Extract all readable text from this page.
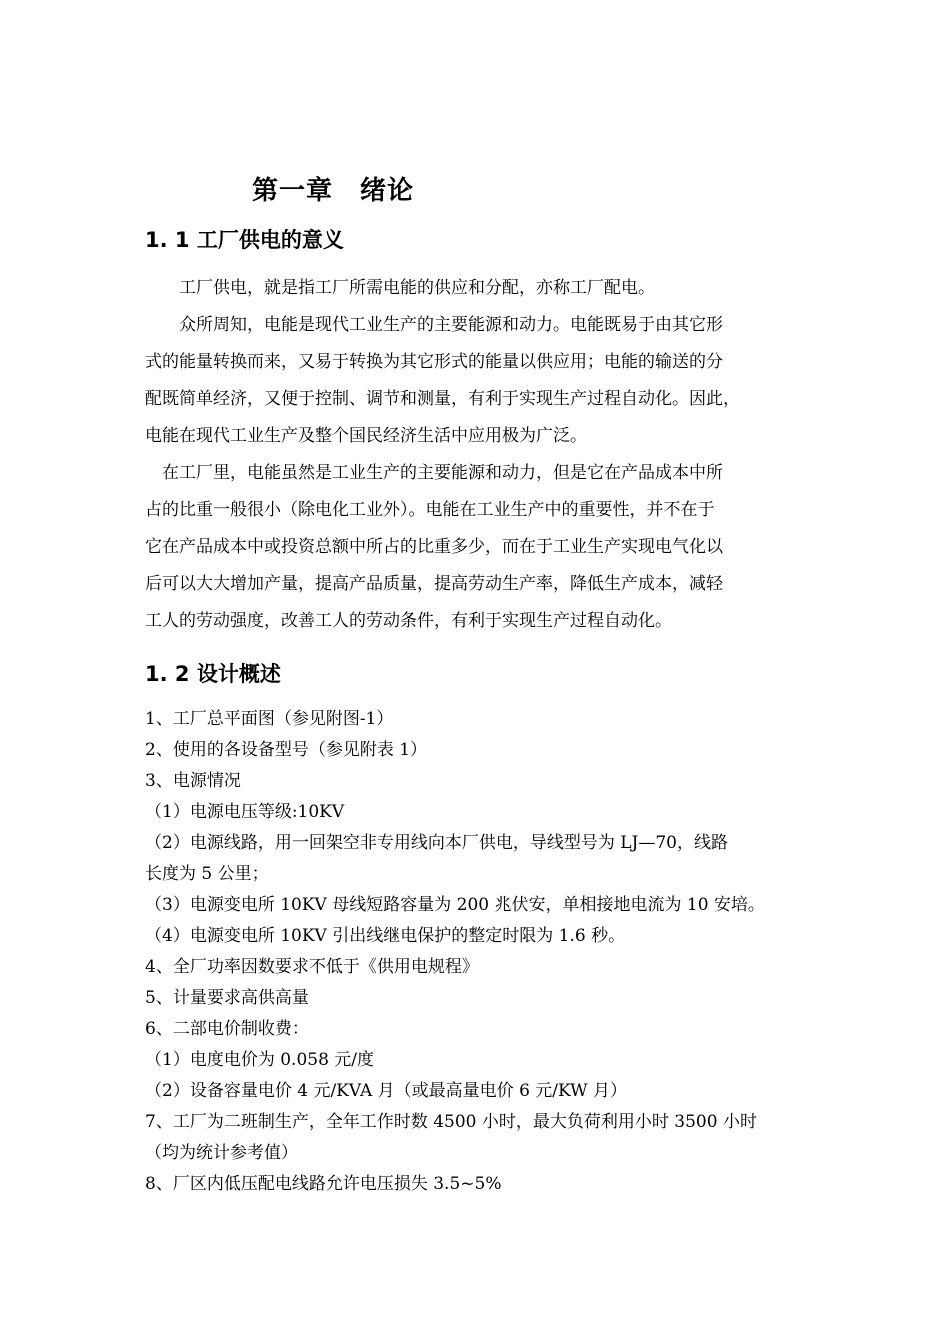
第一章　绪论
1. 1 工厂供电的意义
　工厂供电，就是指工厂所需电能的供应和分配，亦称工厂配电。
　众所周知，电能是现代工业生产的主要能源和动力。电能既易于由其它形
式的能量转换而来，又易于转换为其它形式的能量以供应用；电能的输送的分
配既简单经济，又便于控制、调节和测量，有利于实现生产过程自动化。因此，
电能在现代工业生产及整个国民经济生活中应用极为广泛。
在工厂里，电能虽然是工业生产的主要能源和动力，但是它在产品成本中所
占的比重一般很小（除电化工业外）。电能在工业生产中的重要性，并不在于
它在产品成本中或投资总额中所占的比重多少，而在于工业生产实现电气化以
后可以大大增加产量，提高产品质量，提高劳动生产率，降低生产成本，减轻
工人的劳动强度，改善工人的劳动条件，有利于实现生产过程自动化。
1. 2 设计概述
1、工厂总平面图（参见附图-1）
2、使用的各设备型号（参见附表 1）
3、电源情况
（1）电源电压等级:10KV
（2）电源线路，用一回架空非专用线向本厂供电，导线型号为 LJ—70，线路
长度为 5 公里；
（3）电源变电所 10KV 母线短路容量为 200 兆伏安，单相接地电流为 10 安培。
（4）电源变电所 10KV 引出线继电保护的整定时限为 1.6 秒。
4、全厂功率因数要求不低于《供用电规程》
5、计量要求高供高量
6、二部电价制收费：
（1）电度电价为 0.058 元/度
（2）设备容量电价 4 元/KVA 月（或最高量电价 6 元/KW 月）
7、工厂为二班制生产，全年工作时数 4500 小时，最大负荷利用小时 3500 小时
（均为统计参考值）
8、厂区内低压配电线路允许电压损失 3.5~5%
